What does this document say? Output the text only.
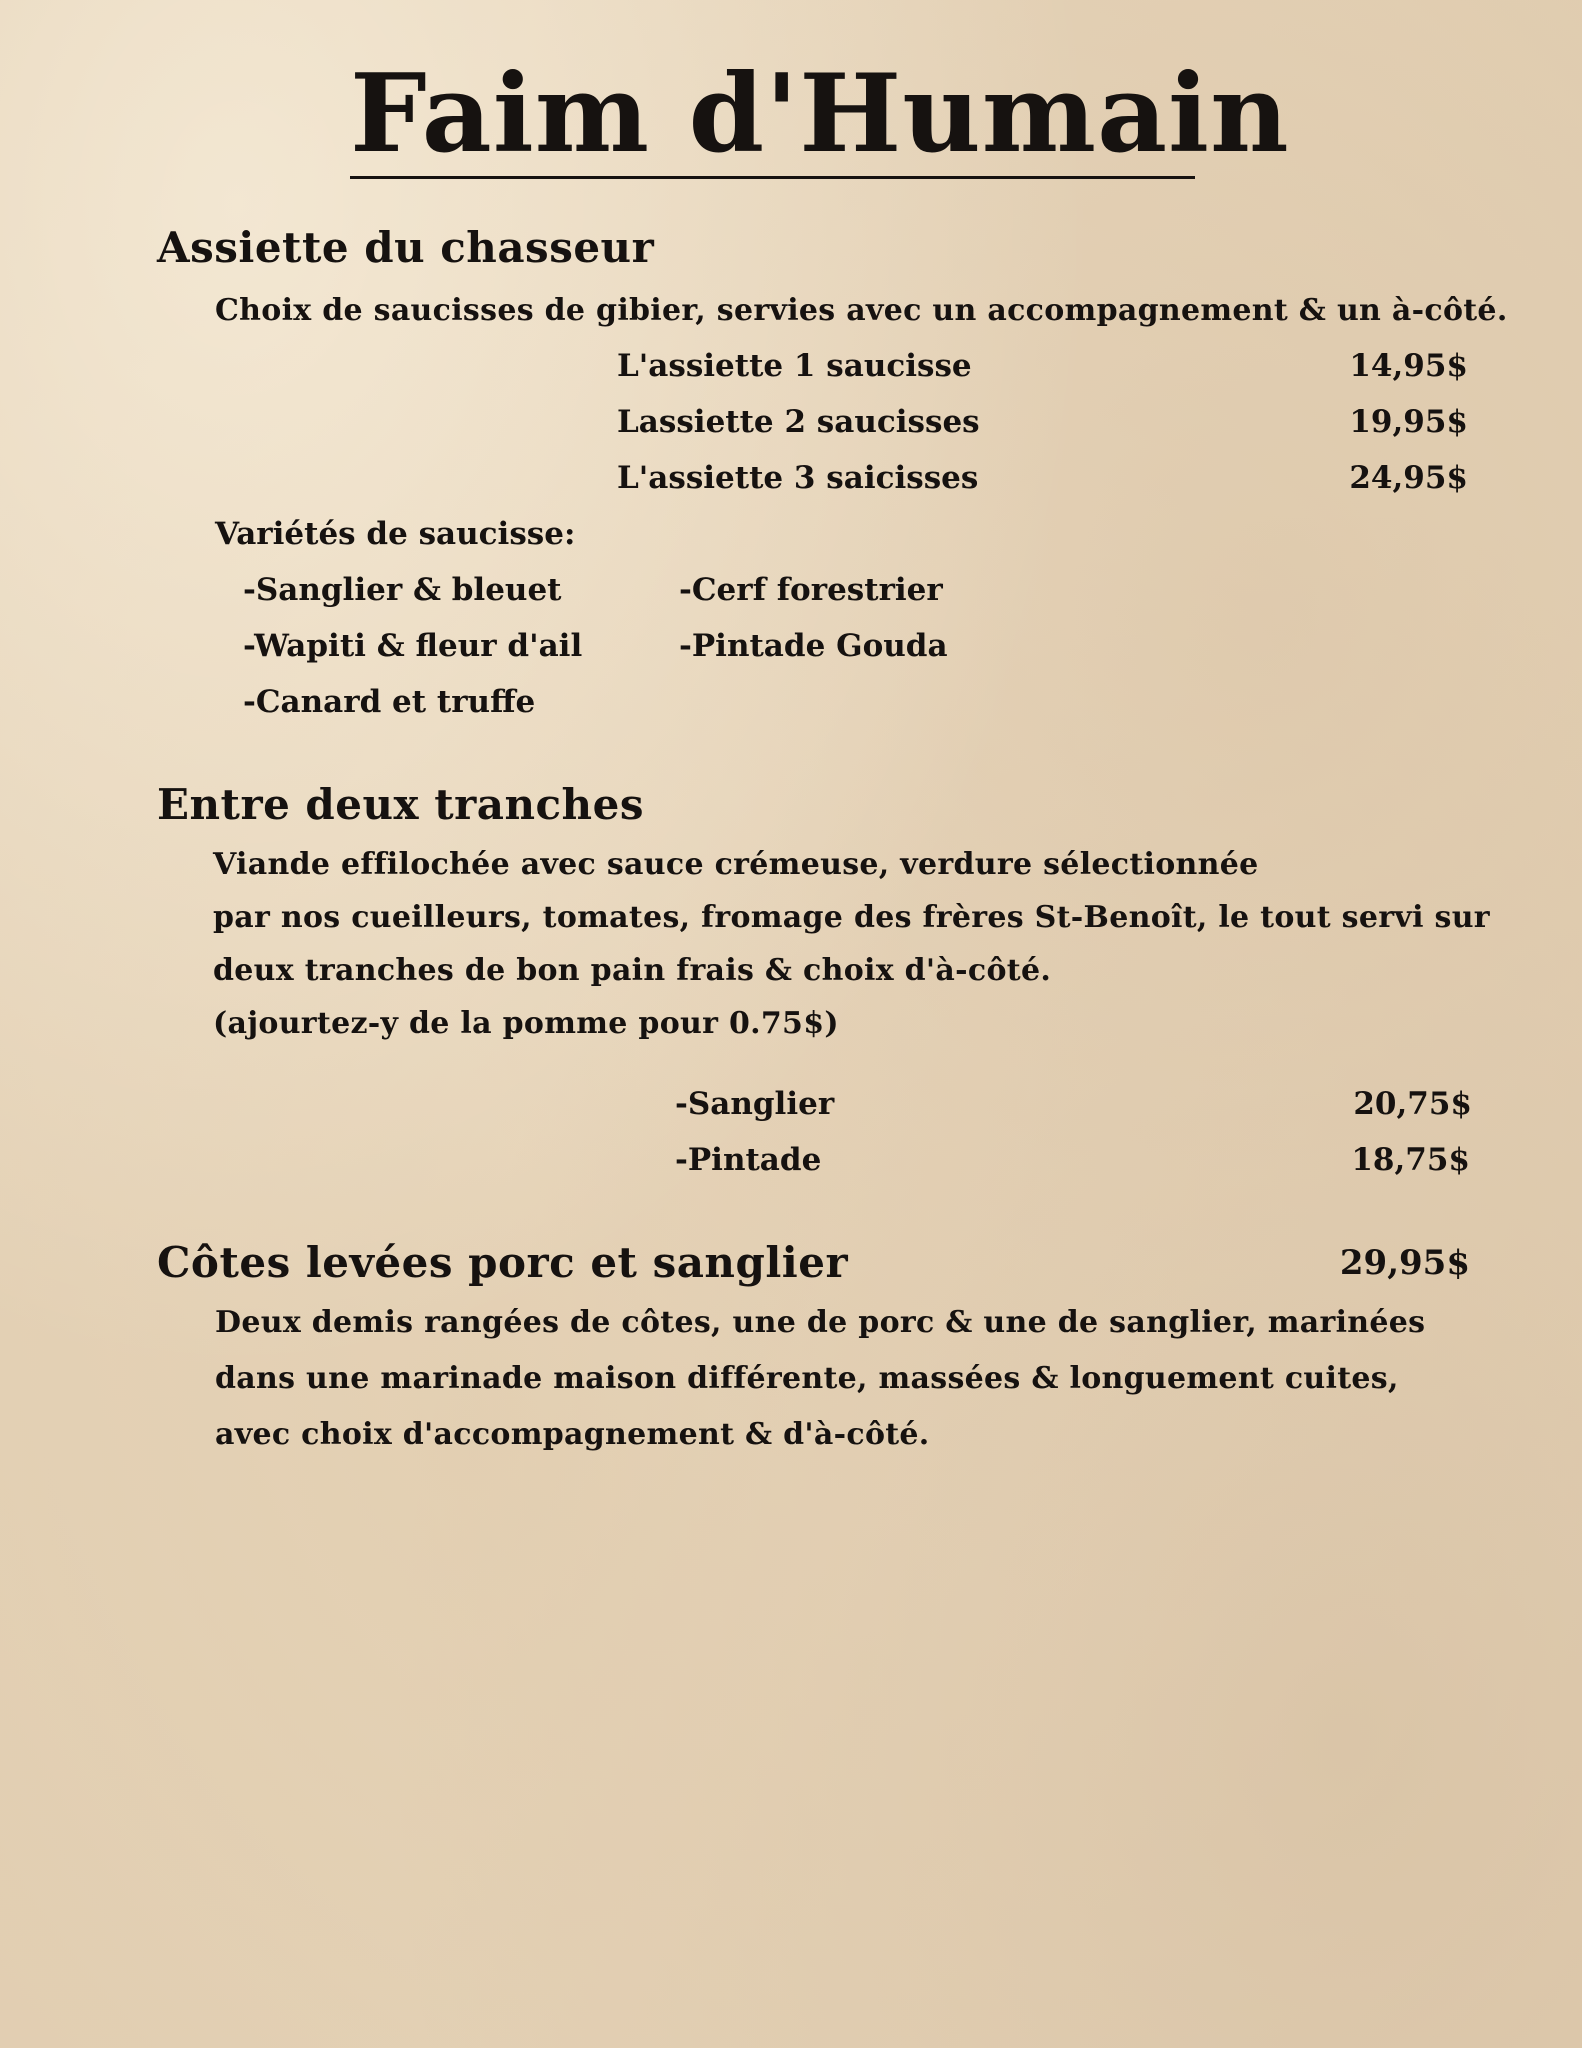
Faim d'Humain
Assiette du chasseur
Choix de saucisses de gibier, servies avec un accompagnement & un à-côté.
L'assiette 1 saucisse	14,95$
Lassiette 2 saucisses	19,95$
L'assiette 3 saicisses	24,95$
Variétés de saucisse:
-Sanglier & bleuet
-Wapiti & fleur d'ail
-Canard et truffe
-Cerf forestrier
-Pintade Gouda
Entre deux tranches
Viande effilochée avec sauce crémeuse, verdure sélectionnée
par nos cueilleurs, tomates, fromage des frères St-Benoît, le tout servi sur
deux tranches de bon pain frais & choix d'à-côté.
(ajourtez-y de la pomme pour 0.75$)
-Sanglier	20,75$
-Pintade	18,75$
Côtes levées porc et sanglier	29,95$
Deux demis rangées de côtes, une de porc & une de sanglier, marinées
dans une marinade maison différente, massées & longuement cuites,
avec choix d'accompagnement & d'à-côté.
